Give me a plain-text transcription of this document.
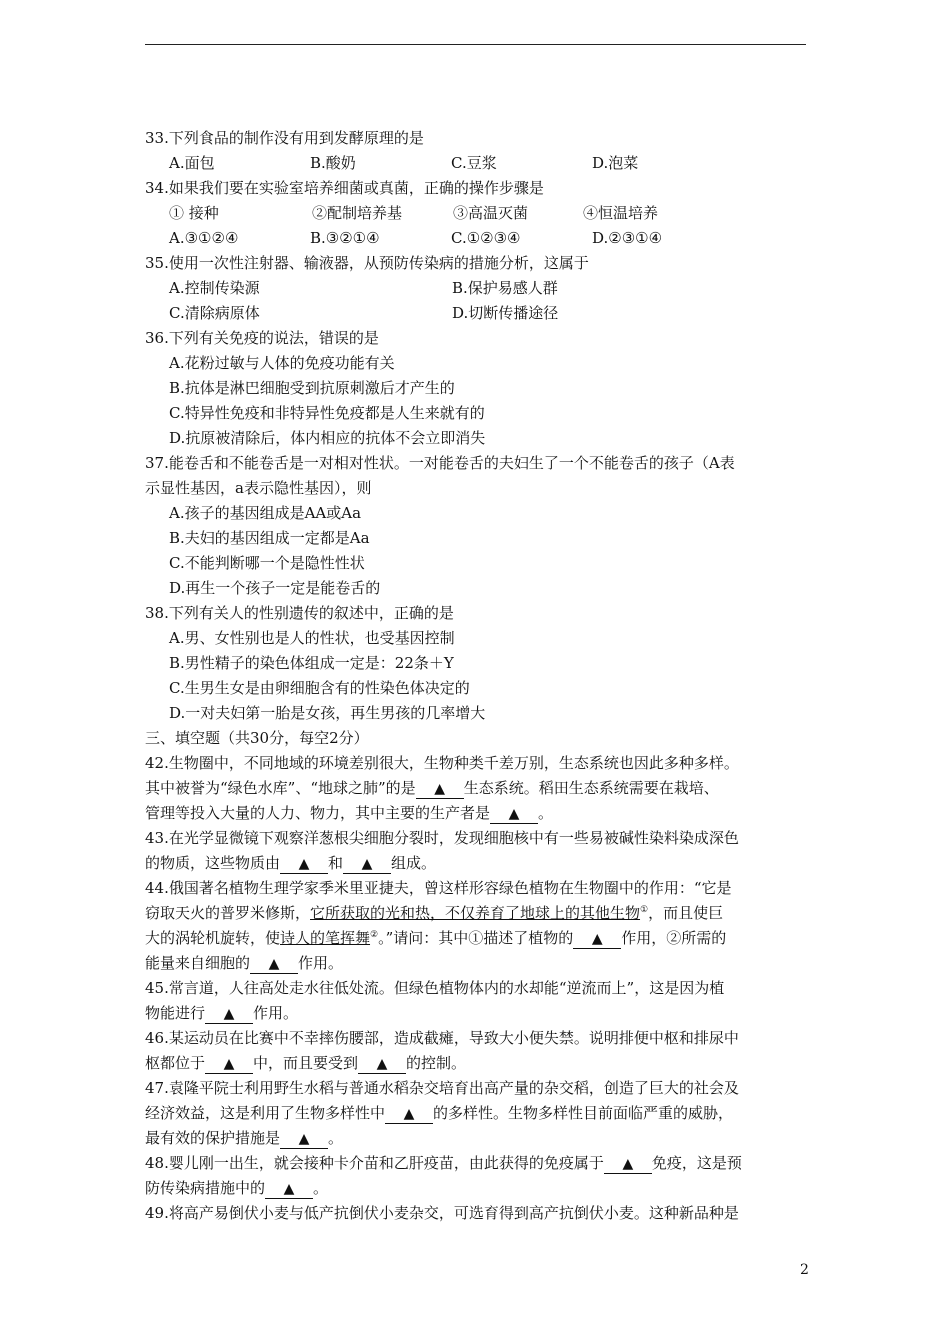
33.下列食品的制作没有用到发酵原理的是
A.面包	B.酸奶	C.豆浆	D.泡菜
34.如果我们要在实验室培养细菌或真菌，正确的操作步骤是
① 接种	②配制培养基	③高温灭菌	④恒温培养
A.③①②④	B.③②①④	C.①②③④	D.②③①④
35.使用一次性注射器、输液器，从预防传染病的措施分析，这属于
A.控制传染源	B.保护易感人群
C.清除病原体	D.切断传播途径
36.下列有关免疫的说法，错误的是
A.花粉过敏与人体的免疫功能有关
B.抗体是淋巴细胞受到抗原刺激后才产生的
C.特异性免疫和非特异性免疫都是人生来就有的
D.抗原被清除后，体内相应的抗体不会立即消失
37.能卷舌和不能卷舌是一对相对性状。一对能卷舌的夫妇生了一个不能卷舌的孩子（A表
示显性基因，a表示隐性基因），则
A.孩子的基因组成是AA或Aa
B.夫妇的基因组成一定都是Aa
C.不能判断哪一个是隐性性状
D.再生一个孩子一定是能卷舌的
38.下列有关人的性别遗传的叙述中，正确的是
A.男、女性别也是人的性状，也受基因控制
B.男性精子的染色体组成一定是：22条＋Y
C.生男生女是由卵细胞含有的性染色体决定的
D.一对夫妇第一胎是女孩，再生男孩的几率增大
三、填空题（共30分，每空2分）
42.生物圈中，不同地域的环境差别很大，生物种类千差万别，生态系统也因此多种多样。
其中被誉为“绿色水库”、“地球之肺”的是 ▲ 生态系统。稻田生态系统需要在栽培、
管理等投入大量的人力、物力，其中主要的生产者是 ▲ 。
43.在光学显微镜下观察洋葱根尖细胞分裂时，发现细胞核中有一些易被碱性染料染成深色
的物质，这些物质由 ▲ 和 ▲ 组成。
44.俄国著名植物生理学家季米里亚捷夫，曾这样形容绿色植物在生物圈中的作用：“它是
窃取天火的普罗米修斯，它所获取的光和热，不仅养育了地球上的其他生物①，而且使巨
大的涡轮机旋转，使诗人的笔挥舞②。”请问：其中①描述了植物的 ▲ 作用，②所需的
能量来自细胞的 ▲ 作用。
45.常言道，人往高处走水往低处流。但绿色植物体内的水却能“逆流而上”，这是因为植
物能进行 ▲ 作用。
46.某运动员在比赛中不幸摔伤腰部，造成截瘫，导致大小便失禁。说明排便中枢和排尿中
枢都位于 ▲ 中，而且要受到 ▲ 的控制。
47.袁隆平院士利用野生水稻与普通水稻杂交培育出高产量的杂交稻，创造了巨大的社会及
经济效益，这是利用了生物多样性中 ▲ 的多样性。生物多样性目前面临严重的威胁，
最有效的保护措施是 ▲ 。
48.婴儿刚一出生，就会接种卡介苗和乙肝疫苗，由此获得的免疫属于 ▲ 免疫，这是预
防传染病措施中的 ▲ 。
49.将高产易倒伏小麦与低产抗倒伏小麦杂交，可选育得到高产抗倒伏小麦。这种新品种是
2
